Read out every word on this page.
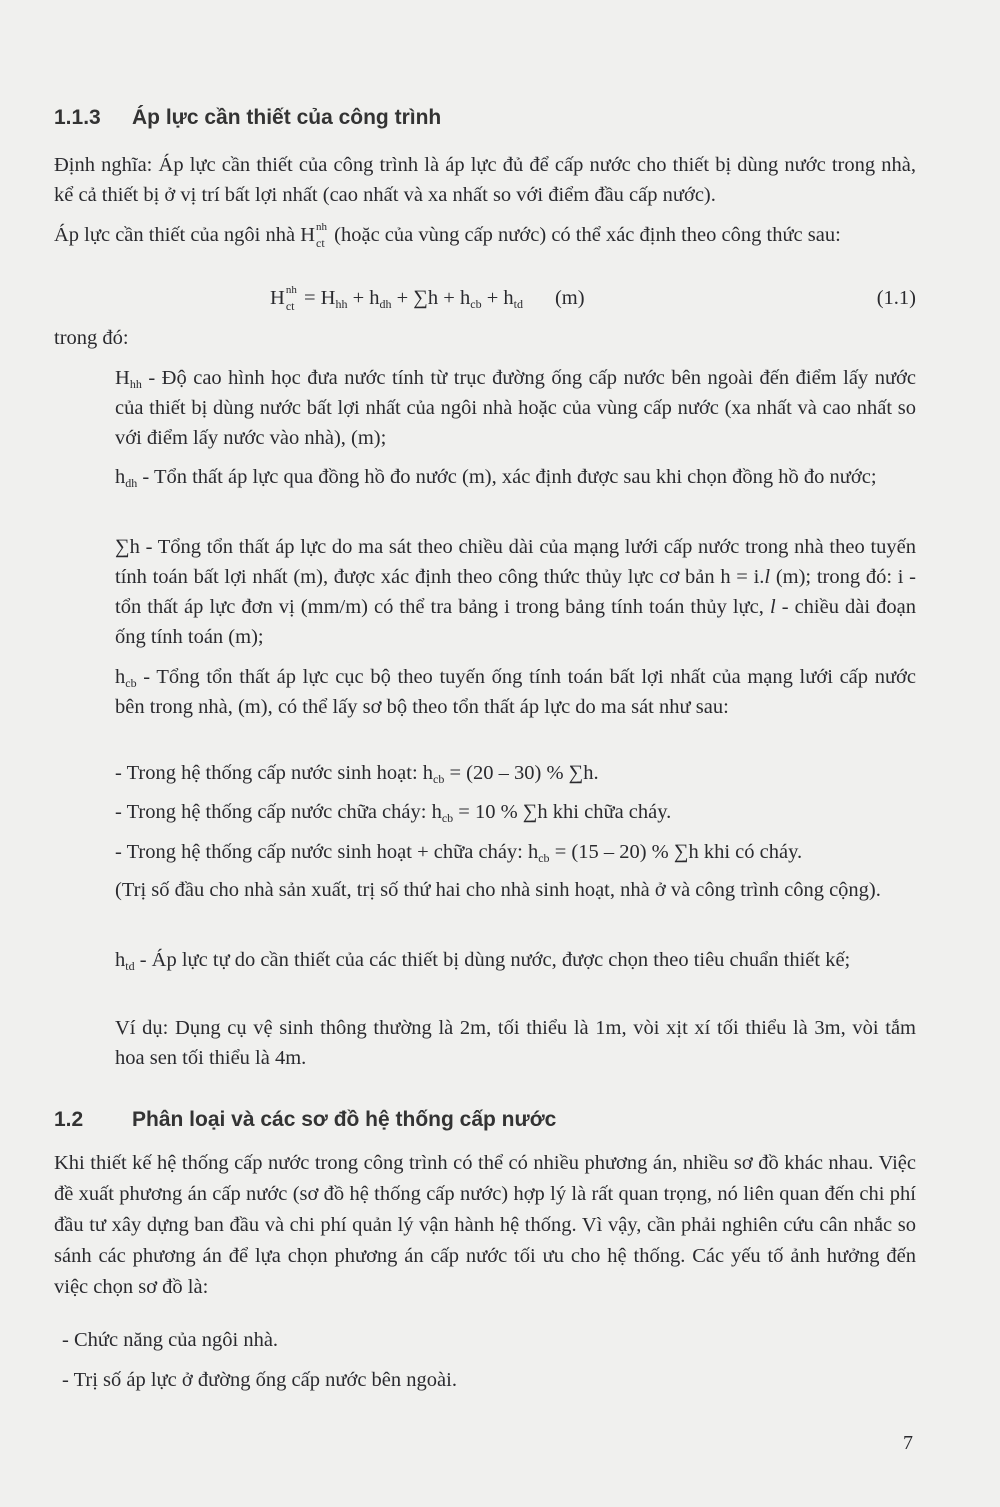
1.1.3 Áp lực cần thiết của công trình
Định nghĩa: Áp lực cần thiết của công trình là áp lực đủ để cấp nước cho thiết bị dùng nước trong nhà, kể cả thiết bị ở vị trí bất lợi nhất (cao nhất và xa nhất so với điểm đầu cấp nước).
Áp lực cần thiết của ngôi nhà H nh
ct (hoặc của vùng cấp nước) có thể xác định theo công thức sau:
H nh
ct = $H_{hh} + h_{dh} + \sum h + h_{cb} + h_{td}$ (m)	(1.1)
trong đó:
$H_{hh}$ - Độ cao hình học đưa nước tính từ trục đường ống cấp nước bên ngoài đến điểm lấy nước của thiết bị dùng nước bất lợi nhất của ngôi nhà hoặc của vùng cấp nước (xa nhất và cao nhất so với điểm lấy nước vào nhà), (m);
$h_{dh}$ - Tổn thất áp lực qua đồng hồ đo nước (m), xác định được sau khi chọn đồng hồ đo nước;
∑h - Tổng tổn thất áp lực do ma sát theo chiều dài của mạng lưới cấp nước trong nhà theo tuyến tính toán bất lợi nhất (m), được xác định theo công thức thủy lực cơ bản h = i.l (m); trong đó: i - tổn thất áp lực đơn vị (mm/m) có thể tra bảng i trong bảng tính toán thủy lực, l - chiều dài đoạn ống tính toán (m);
$h_{cb}$ - Tổng tổn thất áp lực cục bộ theo tuyến ống tính toán bất lợi nhất của mạng lưới cấp nước bên trong nhà, (m), có thể lấy sơ bộ theo tổn thất áp lực do ma sát như sau:
- Trong hệ thống cấp nước sinh hoạt: $h_{cb} = (20 - 30)$ % ∑h.
- Trong hệ thống cấp nước chữa cháy: $h_{cb} = 10$ % ∑h khi chữa cháy.
- Trong hệ thống cấp nước sinh hoạt + chữa cháy: $h_{cb} = (15 - 20)$ % ∑h khi có cháy.
(Trị số đầu cho nhà sản xuất, trị số thứ hai cho nhà sinh hoạt, nhà ở và công trình công cộng).
$h_{td}$ - Áp lực tự do cần thiết của các thiết bị dùng nước, được chọn theo tiêu chuẩn thiết kế;
Ví dụ: Dụng cụ vệ sinh thông thường là 2m, tối thiểu là 1m, vòi xịt xí tối thiểu là 3m, vòi tắm hoa sen tối thiểu là 4m.
1.2 Phân loại và các sơ đồ hệ thống cấp nước
Khi thiết kế hệ thống cấp nước trong công trình có thể có nhiều phương án, nhiều sơ đồ khác nhau. Việc đề xuất phương án cấp nước (sơ đồ hệ thống cấp nước) hợp lý là rất quan trọng, nó liên quan đến chi phí đầu tư xây dựng ban đầu và chi phí quản lý vận hành hệ thống. Vì vậy, cần phải nghiên cứu cân nhắc so sánh các phương án để lựa chọn phương án cấp nước tối ưu cho hệ thống. Các yếu tố ảnh hưởng đến việc chọn sơ đồ là:
- Chức năng của ngôi nhà.
- Trị số áp lực ở đường ống cấp nước bên ngoài.
7
